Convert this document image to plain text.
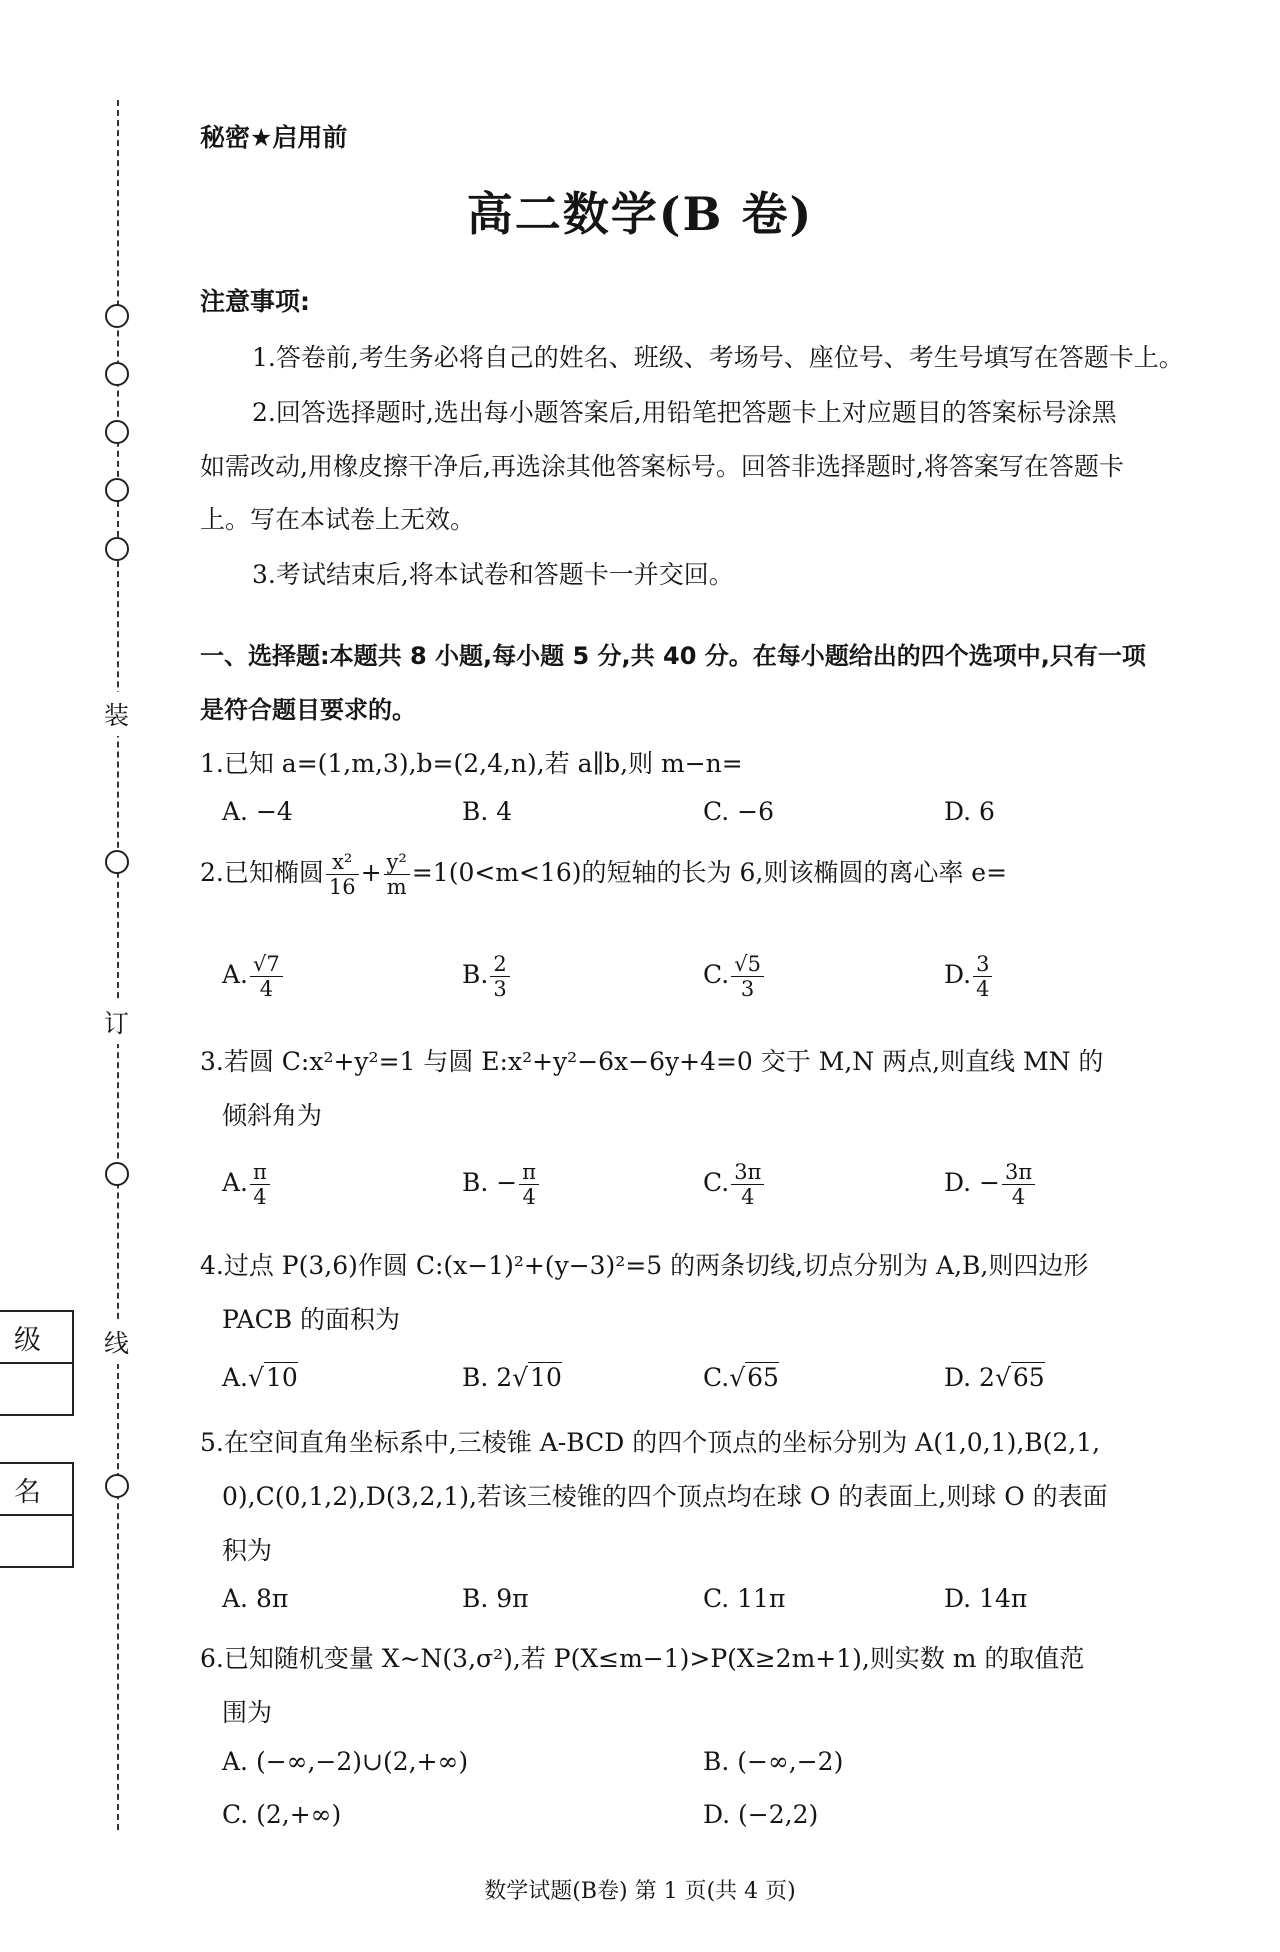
装
订
线
级
名
秘密★启用前
高二数学(B 卷)
注意事项:
1.答卷前,考生务必将自己的姓名、班级、考场号、座位号、考生号填写在答题卡上。
2.回答选择题时,选出每小题答案后,用铅笔把答题卡上对应题目的答案标号涂黑
如需改动,用橡皮擦干净后,再选涂其他答案标号。回答非选择题时,将答案写在答题卡
上。写在本试卷上无效。
3.考试结束后,将本试卷和答题卡一并交回。
一、选择题:本题共 8 小题,每小题 5 分,共 40 分。在每小题给出的四个选项中,只有一项
是符合题目要求的。
1.已知 a=(1,m,3),b=(2,4,n),若 a∥b,则 m−n=
A. −4	B. 4	C. −6	D. 6
2.已知椭圆 $\frac{\text{x²}}{16} + \frac{\text{y²}}{m} =1(0<m<16)$的短轴的长为 6,则该椭圆的离心率 e=
A. $\frac{√7}{4}$	B. $\frac{2}{3}$	C. $\frac{√5}{3}$	D. $\frac{3}{4}$
3.若圆 C:x²+y²=1 与圆 E:x²+y²−6x−6y+4=0 交于 M,N 两点,则直线 MN 的
倾斜角为
A. $\frac{\pi}{4}$	B. − $\frac{\pi}{4}$	C. $\frac{3\pi}{4}$	D. − $\frac{3\pi}{4}$
4.过点 P(3,6)作圆 C:(x−1)²+(y−3)²=5 的两条切线,切点分别为 A,B,则四边形
PACB 的面积为
A.√10	B. 2√10	C.√65	D. 2√65
5.在空间直角坐标系中,三棱锥 A-BCD 的四个顶点的坐标分别为 A(1,0,1),B(2,1,
0),C(0,1,2),D(3,2,1),若该三棱锥的四个顶点均在球 O 的表面上,则球 O 的表面
积为
A. 8π	B. 9π	C. 11π	D. 14π
6.已知随机变量 X∼N(3,σ²),若 P(X≤m−1)>P(X≥2m+1),则实数 m 的取值范
围为
A. (−∞,−2)∪(2,+∞)	B. (−∞,−2)
C. (2,+∞)	D. (−2,2)
数学试题(B卷) 第 1 页(共 4 页)
